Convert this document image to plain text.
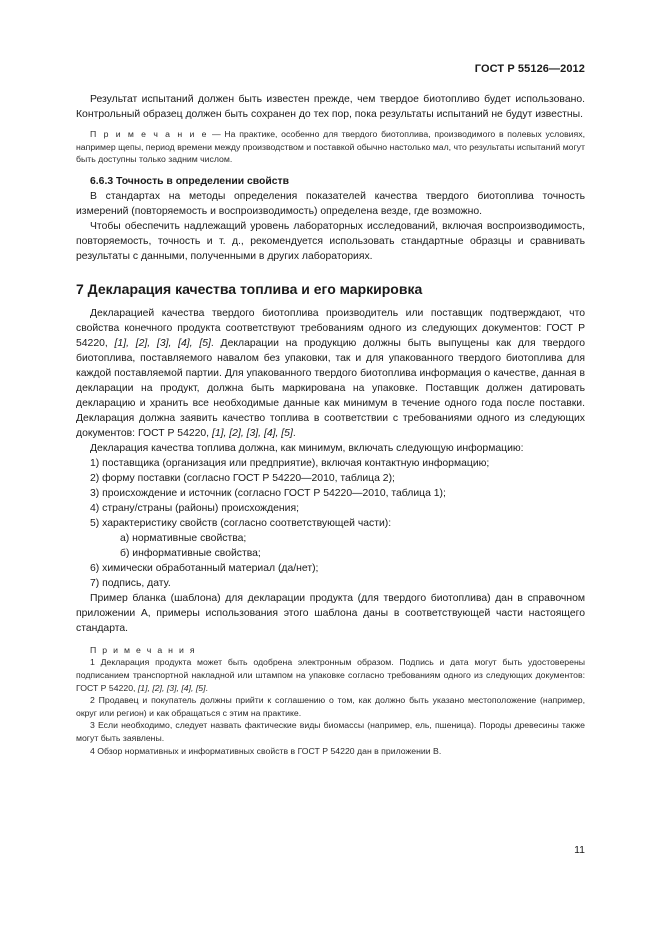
ГОСТ Р 55126—2012

Результат испытаний должен быть известен прежде, чем твердое биотопливо будет использовано. Контрольный образец должен быть сохранен до тех пор, пока результаты испытаний не будут известны.

П р и м е ч а н и е — На практике, особенно для твердого биотоплива, производимого в полевых условиях, например щепы, период времени между производством и поставкой обычно настолько мал, что результаты испытаний могут быть доступны только задним числом.

6.6.3 Точность в определении свойств

В стандартах на методы определения показателей качества твердого биотоплива точность измерений (повторяемость и воспроизводимость) определена везде, где возможно.

Чтобы обеспечить надлежащий уровень лабораторных исследований, включая воспроизводимость, повторяемость, точность и т. д., рекомендуется использовать стандартные образцы и сравнивать результаты с данными, полученными в других лабораториях.

7 Декларация качества топлива и его маркировка

Декларацией качества твердого биотоплива производитель или поставщик подтверждают, что свойства конечного продукта соответствуют требованиям одного из следующих документов: ГОСТ Р 54220, [1], [2], [3], [4], [5]. Декларации на продукцию должны быть выпущены как для твердого биотоплива, поставляемого навалом без упаковки, так и для упакованного твердого биотоплива для каждой поставляемой партии. Для упакованного твердого биотоплива информация о качестве, данная в декларации на продукт, должна быть маркирована на упаковке. Поставщик должен датировать декларацию и хранить все необходимые данные как минимум в течение одного года после поставки. Декларация должна заявить качество топлива в соответствии с требованиями одного из следующих документов: ГОСТ Р 54220, [1], [2], [3], [4], [5].

Декларация качества топлива должна, как минимум, включать следующую информацию:

1) поставщика (организация или предприятие), включая контактную информацию;

2) форму поставки (согласно ГОСТ Р 54220—2010, таблица 2);

3) происхождение и источник (согласно ГОСТ Р 54220—2010, таблица 1);

4) страну/страны (районы) происхождения;

5) характеристику свойств (согласно соответствующей части):

а) нормативные свойства;

б) информативные свойства;

6) химически обработанный материал (да/нет);

7) подпись, дату.

Пример бланка (шаблона) для декларации продукта (для твердого биотоплива) дан в справочном приложении А, примеры использования этого шаблона даны в соответствующей части настоящего стандарта.

П р и м е ч а н и я

1 Декларация продукта может быть одобрена электронным образом. Подпись и дата могут быть удостоверены подписанием транспортной накладной или штампом на упаковке согласно требованиям одного из следующих документов: ГОСТ Р 54220, [1], [2], [3], [4], [5].

2 Продавец и покупатель должны прийти к соглашению о том, как должно быть указано местоположение (например, округ или регион) и как обращаться с этим на практике.

3 Если необходимо, следует назвать фактические виды биомассы (например, ель, пшеница). Породы древесины также могут быть заявлены.

4 Обзор нормативных и информативных свойств в ГОСТ Р 54220 дан в приложении В.

11
